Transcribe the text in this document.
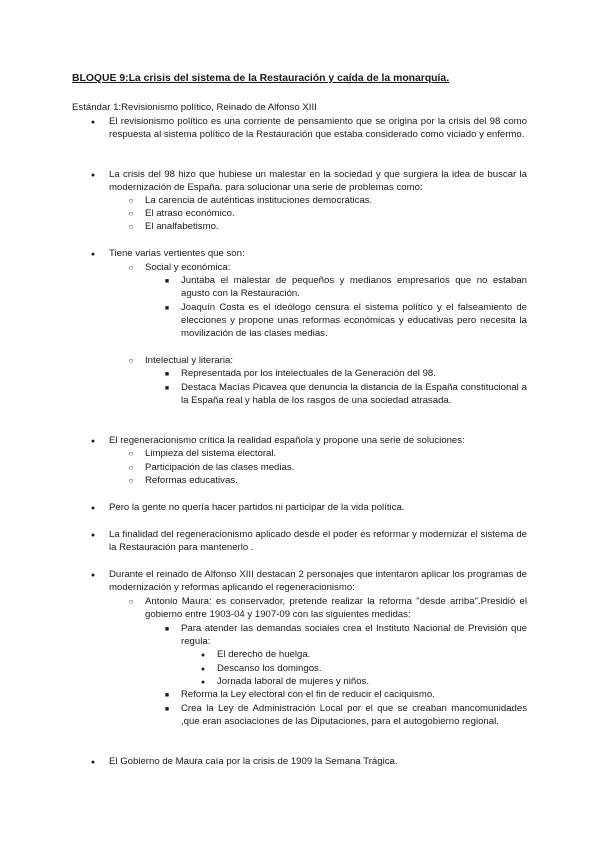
BLOQUE 9:La crisis del sistema de la Restauración y caída de la monarquía.
Estándar 1:Revisionismo político, Reinado de Alfonso XIII
●
El revisionismo político es una corriente de pensamiento que se origina por la crisis del 98 como respuesta al sistema político de la Restauración que estaba considerado como viciado y enfermo.
●
La crisis del 98 hizo que hubiese un malestar en la sociedad y que surgiera la idea de buscar la modernización de España. para solucionar una serie de problemas como:
○
La carencia de auténticas instituciones democráticas.
○
El atraso económico.
○
El analfabetismo.
●
Tiene varias vertientes que son:
○
Social y económica:
■
Juntaba el malestar de pequeños y medianos empresarios que no estaban agusto con la Restauración.
■
Joaquín Costa es el ideólogo censura el sistema político y el falseamiento de elecciones y propone unas reformas económicas y educativas pero necesita la movilización de las clases medias.
○
Intelectual y literaria:
■
Representada por los intelectuales de la Generación del 98.
■
Destaca Macías Picavea que denuncia la distancia de la España constitucional a la España real y habla de los rasgos de una sociedad atrasada.
●
El regeneracionismo crítica la realidad española y propone una serie de soluciones:
○
Limpieza del sistema electoral.
○
Participación de las clases medias.
○
Reformas educativas.
●
Pero la gente no quería hacer partidos ni participar de la vida política.
●
La finalidad del regeneracionismo aplicado desde el poder es reformar y modernizar el sistema de la Restauración para mantenerlo .
●
Durante el reinado de Alfonso XIII destacan 2 personajes que intentaron aplicar los programas de modernización y reformas aplicando el regeneracionismo:
○
Antonio Maura: es conservador, pretende realizar la reforma "desde arriba".Presidió el gobierno entre 1903-04 y 1907-09 con las siguientes medidas:
■
Para atender las demandas sociales crea el Instituto Nacional de Previsión que regula:
●
El derecho de huelga.
●
Descanso los domingos.
●
Jornada laboral de mujeres y niños.
■
Reforma la Ley electoral con el fin de reducir el caciquismo.
■
Crea la Ley de Administración Local por el que se creaban mancomunidades ,que eran asociaciones de las Diputaciones, para el autogobierno regional.
●
El Gobierno de Maura caía por la crisis de 1909 la Semana Trágica.
